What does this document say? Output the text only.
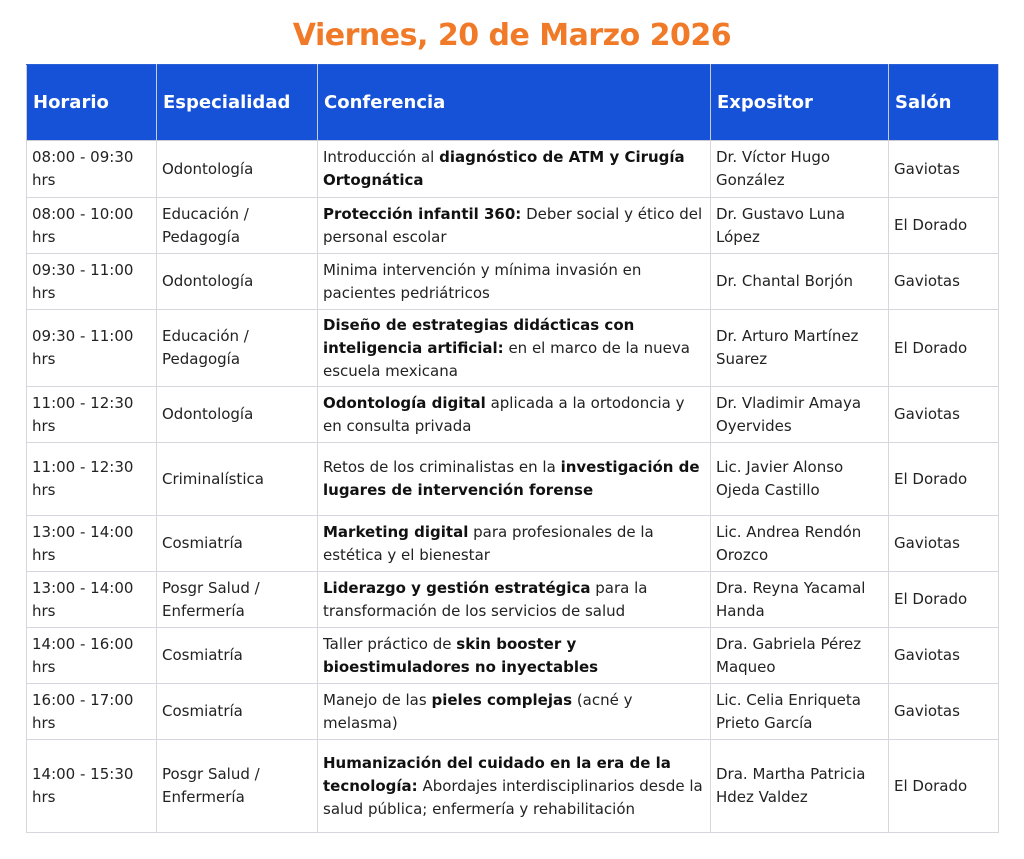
Viernes, 20 de Marzo 2026
Horario	Especialidad	Conferencia	Expositor	Salón
08:00 - 09:30 hrs	Odontología	Introducción al diagnóstico de ATM y Cirugía Ortognática	Dr. Víctor Hugo González	Gaviotas
08:00 - 10:00 hrs	Educación / Pedagogía	Protección infantil 360: Deber social y ético del personal escolar	Dr. Gustavo Luna López	El Dorado
09:30 - 11:00 hrs	Odontología	Minima intervención y mínima invasión en pacientes pedriátricos	Dr. Chantal Borjón	Gaviotas
09:30 - 11:00 hrs	Educación / Pedagogía	Diseño de estrategias didácticas con inteligencia artificial: en el marco de la nueva escuela mexicana	Dr. Arturo Martínez Suarez	El Dorado
11:00 - 12:30 hrs	Odontología	Odontología digital aplicada a la ortodoncia y en consulta privada	Dr. Vladimir Amaya Oyervides	Gaviotas
11:00 - 12:30 hrs	Criminalística	Retos de los criminalistas en la investigación de lugares de intervención forense	Lic. Javier Alonso Ojeda Castillo	El Dorado
13:00 - 14:00 hrs	Cosmiatría	Marketing digital para profesionales de la estética y el bienestar	Lic. Andrea Rendón Orozco	Gaviotas
13:00 - 14:00 hrs	Posgr Salud / Enfermería	Liderazgo y gestión estratégica para la transformación de los servicios de salud	Dra. Reyna Yacamal Handa	El Dorado
14:00 - 16:00 hrs	Cosmiatría	Taller práctico de skin booster y bioestimuladores no inyectables	Dra. Gabriela Pérez Maqueo	Gaviotas
16:00 - 17:00 hrs	Cosmiatría	Manejo de las pieles complejas (acné y melasma)	Lic. Celia Enriqueta Prieto García	Gaviotas
14:00 - 15:30 hrs	Posgr Salud / Enfermería	Humanización del cuidado en la era de la tecnología: Abordajes interdisciplinarios desde la salud pública; enfermería y rehabilitación	Dra. Martha Patricia Hdez Valdez	El Dorado
